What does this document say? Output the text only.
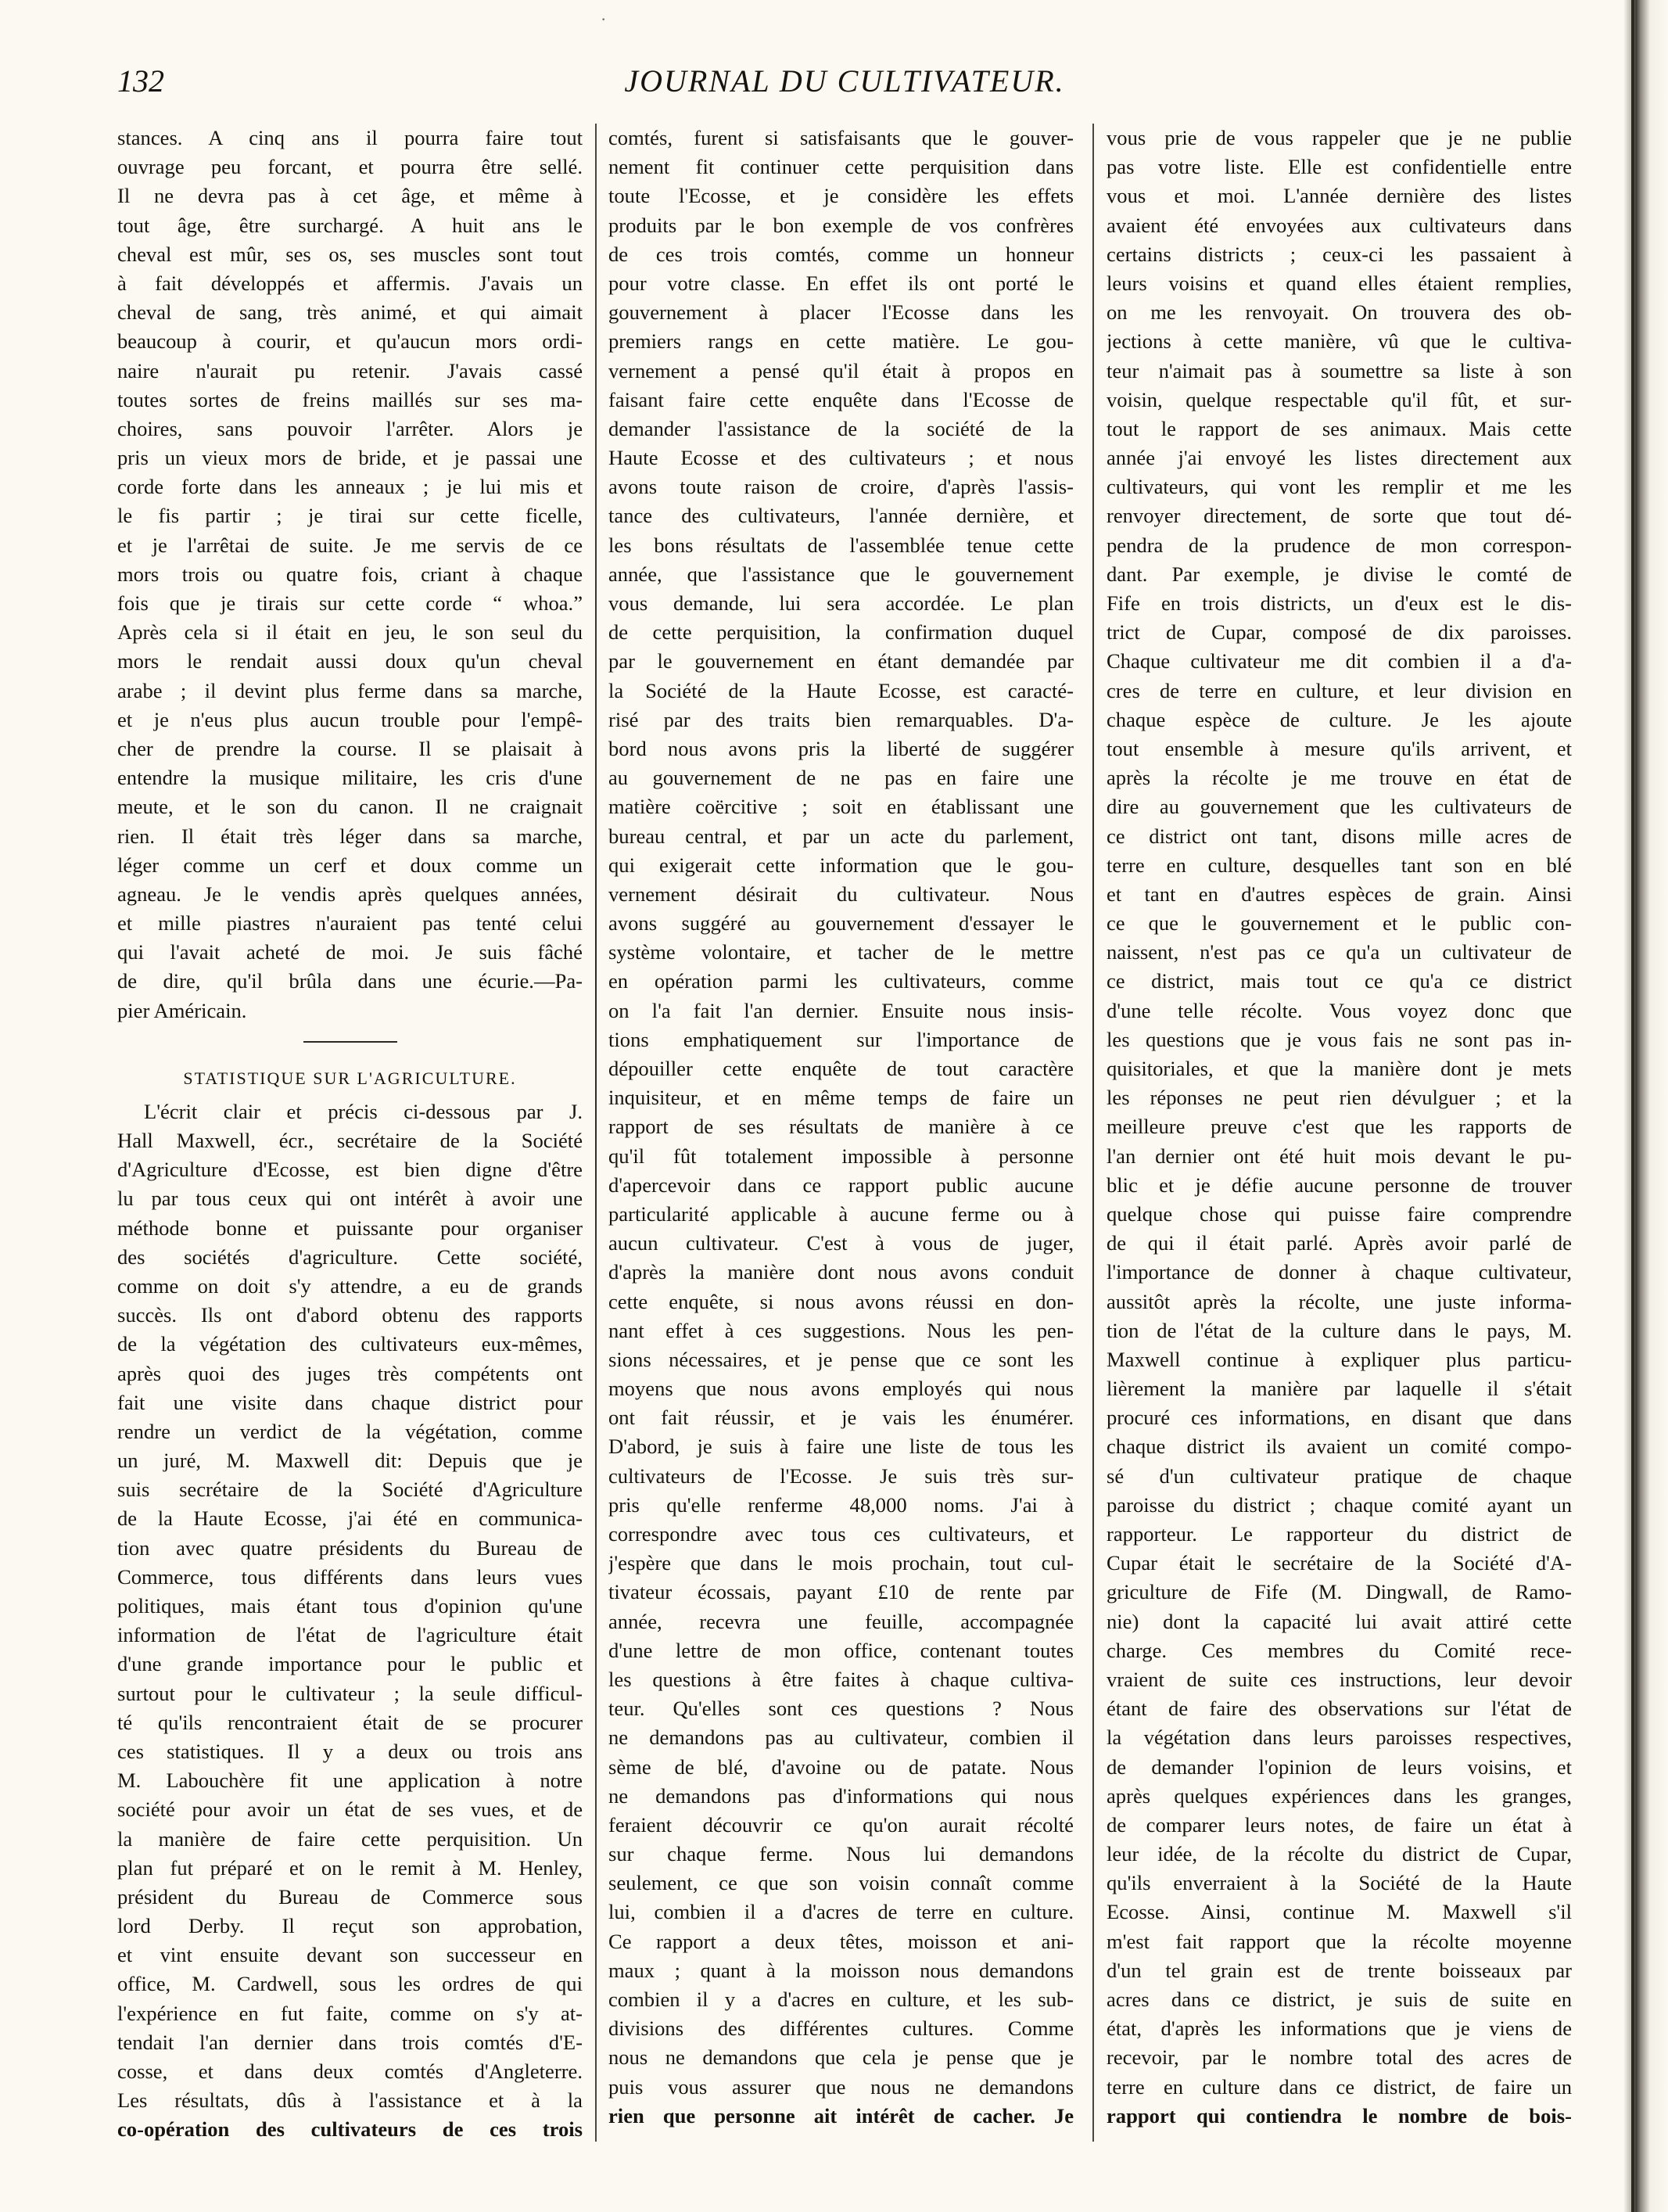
·
132	JOURNAL DU CULTIVATEUR.
stances. A cinq ans il pourra faire tout
ouvrage peu forcant, et pourra être sellé.
Il ne devra pas à cet âge, et même à
tout âge, être surchargé. A huit ans le
cheval est mûr, ses os, ses muscles sont tout
à fait développés et affermis. J'avais un
cheval de sang, très animé, et qui aimait
beaucoup à courir, et qu'aucun mors ordi-
naire n'aurait pu retenir. J'avais cassé
toutes sortes de freins maillés sur ses ma-
choires, sans pouvoir l'arrêter. Alors je
pris un vieux mors de bride, et je passai une
corde forte dans les anneaux ; je lui mis et
le fis partir ; je tirai sur cette ficelle,
et je l'arrêtai de suite. Je me servis de ce
mors trois ou quatre fois, criant à chaque
fois que je tirais sur cette corde “ whoa.”
Après cela si il était en jeu, le son seul du
mors le rendait aussi doux qu'un cheval
arabe ; il devint plus ferme dans sa marche,
et je n'eus plus aucun trouble pour l'empê-
cher de prendre la course. Il se plaisait à
entendre la musique militaire, les cris d'une
meute, et le son du canon. Il ne craignait
rien. Il était très léger dans sa marche,
léger comme un cerf et doux comme un
agneau. Je le vendis après quelques années,
et mille piastres n'auraient pas tenté celui
qui l'avait acheté de moi. Je suis fâché
de dire, qu'il brûla dans une écurie.—Pa-
pier Américain.
STATISTIQUE SUR L'AGRICULTURE.
L'écrit clair et précis ci-dessous par J.
Hall Maxwell, écr., secrétaire de la Société
d'Agriculture d'Ecosse, est bien digne d'être
lu par tous ceux qui ont intérêt à avoir une
méthode bonne et puissante pour organiser
des sociétés d'agriculture. Cette société,
comme on doit s'y attendre, a eu de grands
succès. Ils ont d'abord obtenu des rapports
de la végétation des cultivateurs eux-mêmes,
après quoi des juges très compétents ont
fait une visite dans chaque district pour
rendre un verdict de la végétation, comme
un juré, M. Maxwell dit: Depuis que je
suis secrétaire de la Société d'Agriculture
de la Haute Ecosse, j'ai été en communica-
tion avec quatre présidents du Bureau de
Commerce, tous différents dans leurs vues
politiques, mais étant tous d'opinion qu'une
information de l'état de l'agriculture était
d'une grande importance pour le public et
surtout pour le cultivateur ; la seule difficul-
té qu'ils rencontraient était de se procurer
ces statistiques. Il y a deux ou trois ans
M. Labouchère fit une application à notre
société pour avoir un état de ses vues, et de
la manière de faire cette perquisition. Un
plan fut préparé et on le remit à M. Henley,
président du Bureau de Commerce sous
lord Derby. Il reçut son approbation,
et vint ensuite devant son successeur en
office, M. Cardwell, sous les ordres de qui
l'expérience en fut faite, comme on s'y at-
tendait l'an dernier dans trois comtés d'E-
cosse, et dans deux comtés d'Angleterre.
Les résultats, dûs à l'assistance et à la
co-opération des cultivateurs de ces trois
comtés, furent si satisfaisants que le gouver-
nement fit continuer cette perquisition dans
toute l'Ecosse, et je considère les effets
produits par le bon exemple de vos confrères
de ces trois comtés, comme un honneur
pour votre classe. En effet ils ont porté le
gouvernement à placer l'Ecosse dans les
premiers rangs en cette matière. Le gou-
vernement a pensé qu'il était à propos en
faisant faire cette enquête dans l'Ecosse de
demander l'assistance de la société de la
Haute Ecosse et des cultivateurs ; et nous
avons toute raison de croire, d'après l'assis-
tance des cultivateurs, l'année dernière, et
les bons résultats de l'assemblée tenue cette
année, que l'assistance que le gouvernement
vous demande, lui sera accordée. Le plan
de cette perquisition, la confirmation duquel
par le gouvernement en étant demandée par
la Société de la Haute Ecosse, est caracté-
risé par des traits bien remarquables. D'a-
bord nous avons pris la liberté de suggérer
au gouvernement de ne pas en faire une
matière coërcitive ; soit en établissant une
bureau central, et par un acte du parlement,
qui exigerait cette information que le gou-
vernement désirait du cultivateur. Nous
avons suggéré au gouvernement d'essayer le
système volontaire, et tacher de le mettre
en opération parmi les cultivateurs, comme
on l'a fait l'an dernier. Ensuite nous insis-
tions emphatiquement sur l'importance de
dépouiller cette enquête de tout caractère
inquisiteur, et en même temps de faire un
rapport de ses résultats de manière à ce
qu'il fût totalement impossible à personne
d'apercevoir dans ce rapport public aucune
particularité applicable à aucune ferme ou à
aucun cultivateur. C'est à vous de juger,
d'après la manière dont nous avons conduit
cette enquête, si nous avons réussi en don-
nant effet à ces suggestions. Nous les pen-
sions nécessaires, et je pense que ce sont les
moyens que nous avons employés qui nous
ont fait réussir, et je vais les énumérer.
D'abord, je suis à faire une liste de tous les
cultivateurs de l'Ecosse. Je suis très sur-
pris qu'elle renferme 48,000 noms. J'ai à
correspondre avec tous ces cultivateurs, et
j'espère que dans le mois prochain, tout cul-
tivateur écossais, payant £10 de rente par
année, recevra une feuille, accompagnée
d'une lettre de mon office, contenant toutes
les questions à être faites à chaque cultiva-
teur. Qu'elles sont ces questions ? Nous
ne demandons pas au cultivateur, combien il
sème de blé, d'avoine ou de patate. Nous
ne demandons pas d'informations qui nous
feraient découvrir ce qu'on aurait récolté
sur chaque ferme. Nous lui demandons
seulement, ce que son voisin connaît comme
lui, combien il a d'acres de terre en culture.
Ce rapport a deux têtes, moisson et ani-
maux ; quant à la moisson nous demandons
combien il y a d'acres en culture, et les sub-
divisions des différentes cultures. Comme
nous ne demandons que cela je pense que je
puis vous assurer que nous ne demandons
rien que personne ait intérêt de cacher. Je
vous prie de vous rappeler que je ne publie
pas votre liste. Elle est confidentielle entre
vous et moi. L'année dernière des listes
avaient été envoyées aux cultivateurs dans
certains districts ; ceux-ci les passaient à
leurs voisins et quand elles étaient remplies,
on me les renvoyait. On trouvera des ob-
jections à cette manière, vû que le cultiva-
teur n'aimait pas à soumettre sa liste à son
voisin, quelque respectable qu'il fût, et sur-
tout le rapport de ses animaux. Mais cette
année j'ai envoyé les listes directement aux
cultivateurs, qui vont les remplir et me les
renvoyer directement, de sorte que tout dé-
pendra de la prudence de mon correspon-
dant. Par exemple, je divise le comté de
Fife en trois districts, un d'eux est le dis-
trict de Cupar, composé de dix paroisses.
Chaque cultivateur me dit combien il a d'a-
cres de terre en culture, et leur division en
chaque espèce de culture. Je les ajoute
tout ensemble à mesure qu'ils arrivent, et
après la récolte je me trouve en état de
dire au gouvernement que les cultivateurs de
ce district ont tant, disons mille acres de
terre en culture, desquelles tant son en blé
et tant en d'autres espèces de grain. Ainsi
ce que le gouvernement et le public con-
naissent, n'est pas ce qu'a un cultivateur de
ce district, mais tout ce qu'a ce district
d'une telle récolte. Vous voyez donc que
les questions que je vous fais ne sont pas in-
quisitoriales, et que la manière dont je mets
les réponses ne peut rien dévulguer ; et la
meilleure preuve c'est que les rapports de
l'an dernier ont été huit mois devant le pu-
blic et je défie aucune personne de trouver
quelque chose qui puisse faire comprendre
de qui il était parlé. Après avoir parlé de
l'importance de donner à chaque cultivateur,
aussitôt après la récolte, une juste informa-
tion de l'état de la culture dans le pays, M.
Maxwell continue à expliquer plus particu-
lièrement la manière par laquelle il s'était
procuré ces informations, en disant que dans
chaque district ils avaient un comité compo-
sé d'un cultivateur pratique de chaque
paroisse du district ; chaque comité ayant un
rapporteur. Le rapporteur du district de
Cupar était le secrétaire de la Société d'A-
griculture de Fife (M. Dingwall, de Ramo-
nie) dont la capacité lui avait attiré cette
charge. Ces membres du Comité rece-
vraient de suite ces instructions, leur devoir
étant de faire des observations sur l'état de
la végétation dans leurs paroisses respectives,
de demander l'opinion de leurs voisins, et
après quelques expériences dans les granges,
de comparer leurs notes, de faire un état à
leur idée, de la récolte du district de Cupar,
qu'ils enverraient à la Société de la Haute
Ecosse. Ainsi, continue M. Maxwell s'il
m'est fait rapport que la récolte moyenne
d'un tel grain est de trente boisseaux par
acres dans ce district, je suis de suite en
état, d'après les informations que je viens de
recevoir, par le nombre total des acres de
terre en culture dans ce district, de faire un
rapport qui contiendra le nombre de bois-
